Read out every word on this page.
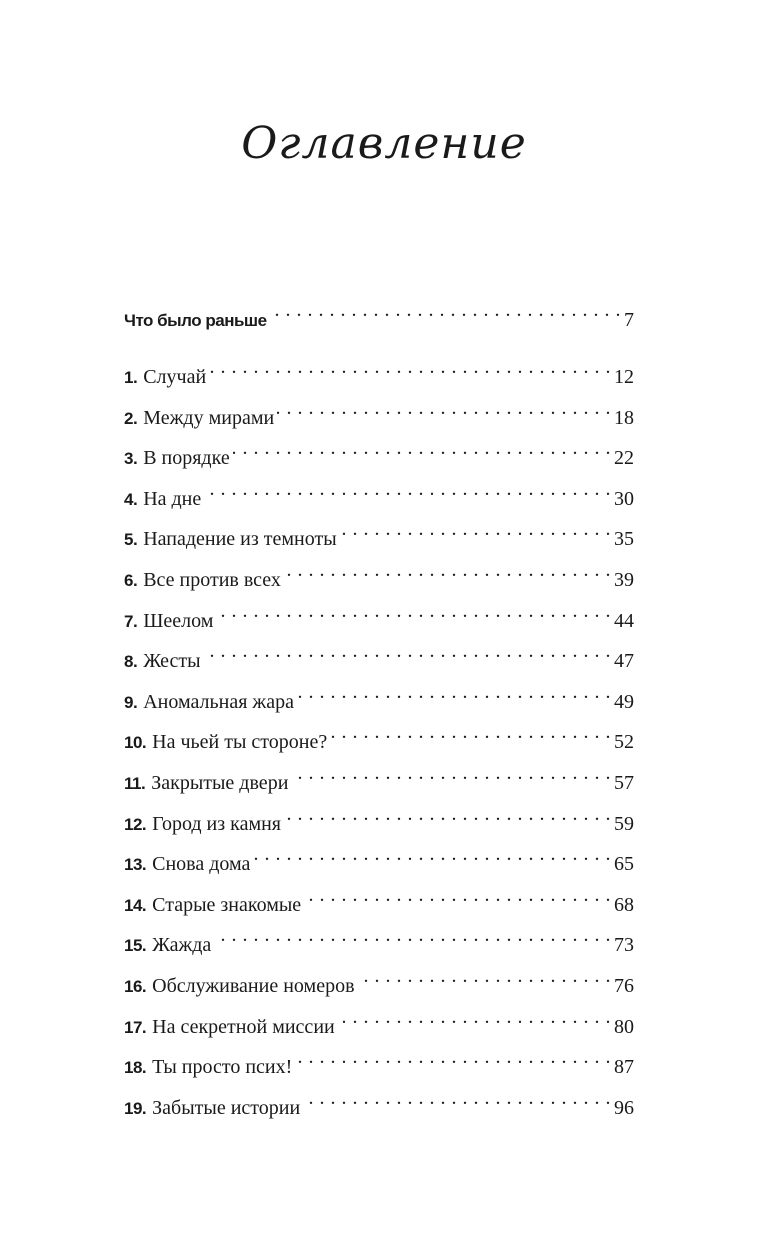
Оглавление
Что было раньше . . .	7
1. Случай . . .	12
2. Между мирами . . .	18
3. В порядке . . .	22
4. На дне . . .	30
5. Нападение из темноты . . .	35
6. Все против всех . . .	39
7. Шеелом . . .	44
8. Жесты . . .	47
9. Аномальная жара . . .	49
10. На чьей ты стороне? . . .	52
11. Закрытые двери . . .	57
12. Город из камня . . .	59
13. Снова дома . . .	65
14. Старые знакомые . . .	68
15. Жажда . . .	73
16. Обслуживание номеров . . .	76
17. На секретной миссии . . .	80
18. Ты просто псих! . . .	87
19. Забытые истории . . .	96
